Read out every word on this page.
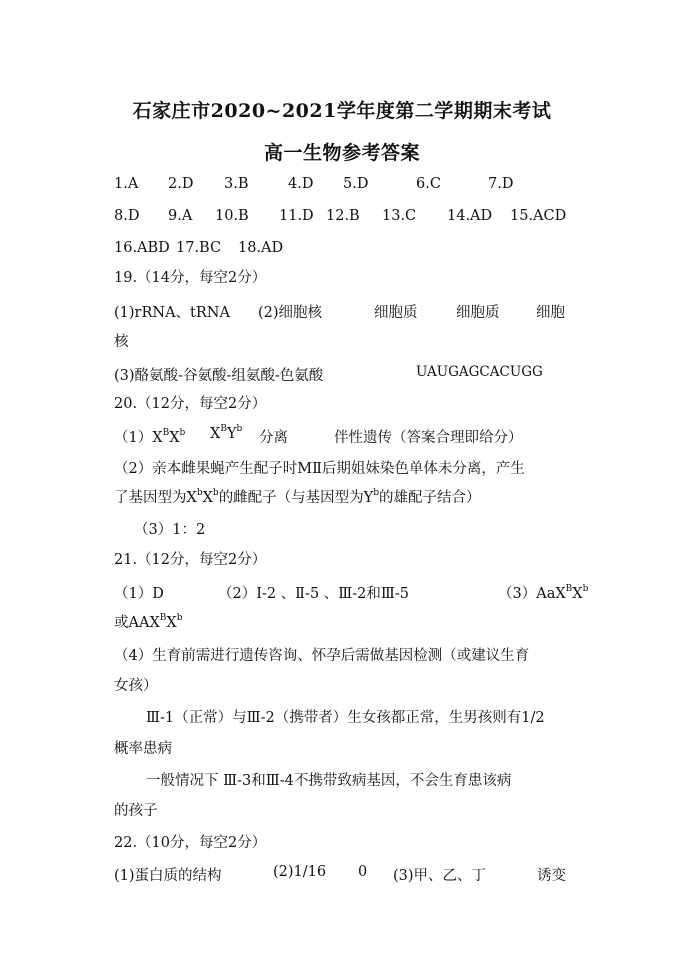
石家庄市2020~2021学年度第二学期期末考试
高一生物参考答案
1.A 2.D 3.B	4.D 5.D	6.C	7.D
8.D 9.A 10.B 11.D 12.B 13.C 14.AD 15.ACD
16.ABD 17.BC 18.AD
19.（14分，每空2分）
(1)rRNA、tRNA (2)细胞核	细胞质	细胞质	细胞
核
(3)酪氨酸-谷氨酸-组氨酸-色氨酸	UAUGAGCACUGG
20.（12分，每空2分）
$(1)X^BX^b$ $X^BY^b$
分离	伴性遗传（答案合理即给分）
（2）亲本雌果蝇产生配子时MⅡ后期姐妹染色单体未分离，产生
了基因型为$X^bX^b$的雌配子（与基因型为$Y^b$的雄配子结合）
（3）1：2
21.（12分，每空2分）
（1）D	（2）Ⅰ-2 、Ⅱ-5 、Ⅲ-2和Ⅲ-5	$(3)AaX^BX^b$
或$AAX^BX^b$
（4）生育前需进行遗传咨询、怀孕后需做基因检测（或建议生育
女孩）
Ⅲ-1（正常）与Ⅲ-2（携带者）生女孩都正常，生男孩则有1/2
概率患病
一般情况下 Ⅲ-3和Ⅲ-4不携带致病基因，不会生育患该病
的孩子
22.（10分，每空2分）
(1)蛋白质的结构	(2)1/16 0 (3)甲、乙、丁	诱变
